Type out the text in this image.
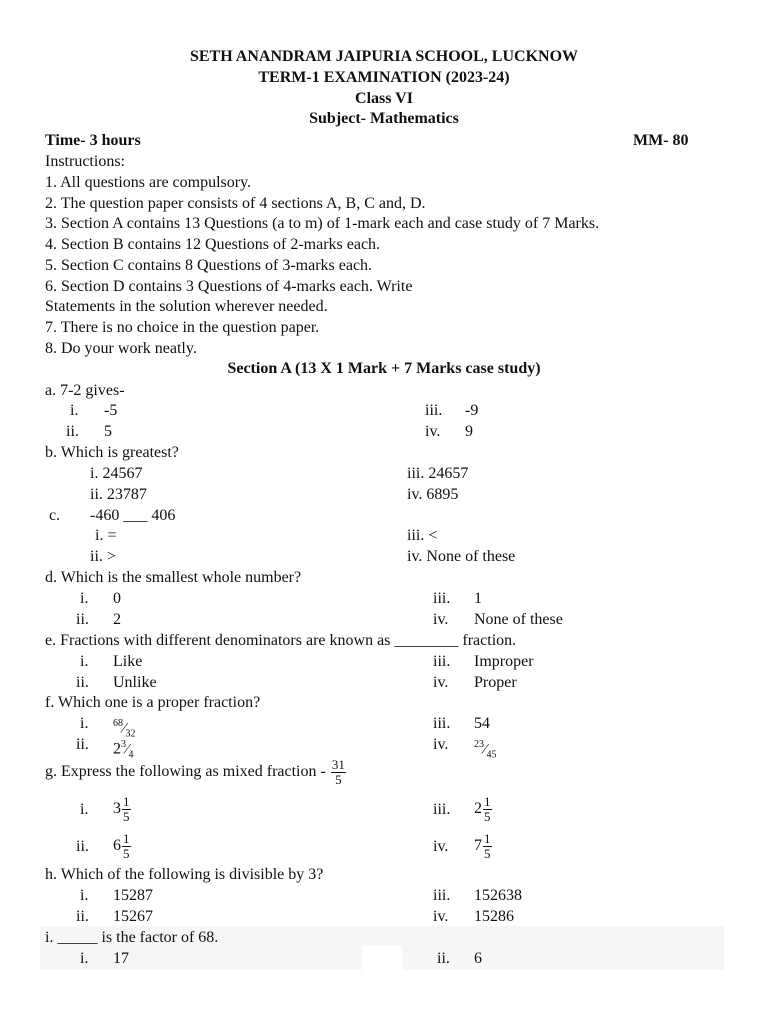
SETH ANANDRAM JAIPURIA SCHOOL, LUCKNOW
TERM-1 EXAMINATION (2023-24)
Class VI
Subject- Mathematics
Time- 3 hours	MM- 80
Instructions:
1. All questions are compulsory.
2. The question paper consists of 4 sections A, B, C and, D.
3. Section A contains 13 Questions (a to m) of 1-mark each and case study of 7 Marks.
4. Section B contains 12 Questions of 2-marks each.
5. Section C contains 8 Questions of 3-marks each.
6. Section D contains 3 Questions of 4-marks each. Write
Statements in the solution wherever needed.
7. There is no choice in the question paper.
8. Do your work neatly.
Section A (13 X 1 Mark + 7 Marks case study)
a. 7-2 gives-
i. -5
ii. 5
iii. -9
iv. 9
b. Which is greatest?
i. 24567
ii. 23787
iii. 24657
iv. 6895
c. -460 ___ 406
i. =
ii. >
iii. <
iv. None of these
d. Which is the smallest whole number?
i. 0
ii. 2
iii. 1
iv. None of these
e. Fractions with different denominators are known as ________ fraction.
i. Like
ii. Unlike
iii. Improper
iv. Proper
f. Which one is a proper fraction?
i. $^{68}⁄_{32}$
ii. $2^3⁄_4$
iii. 54
iv.	$^{23}⁄_{45}$
g. Express the following as mixed fraction - $\frac{31}{5}$
i. $3 \frac{1}{5}$
ii. $6 \frac{1}{5}$
iii. $2 \frac{1}{5}$
iv. $7 \frac{1}{5}$
h. Which of the following is divisible by 3?
i. 15287
ii. 15267
iii. 152638
iv. 15286
i. _____ is the factor of 68.
i. 17	ii. 6
